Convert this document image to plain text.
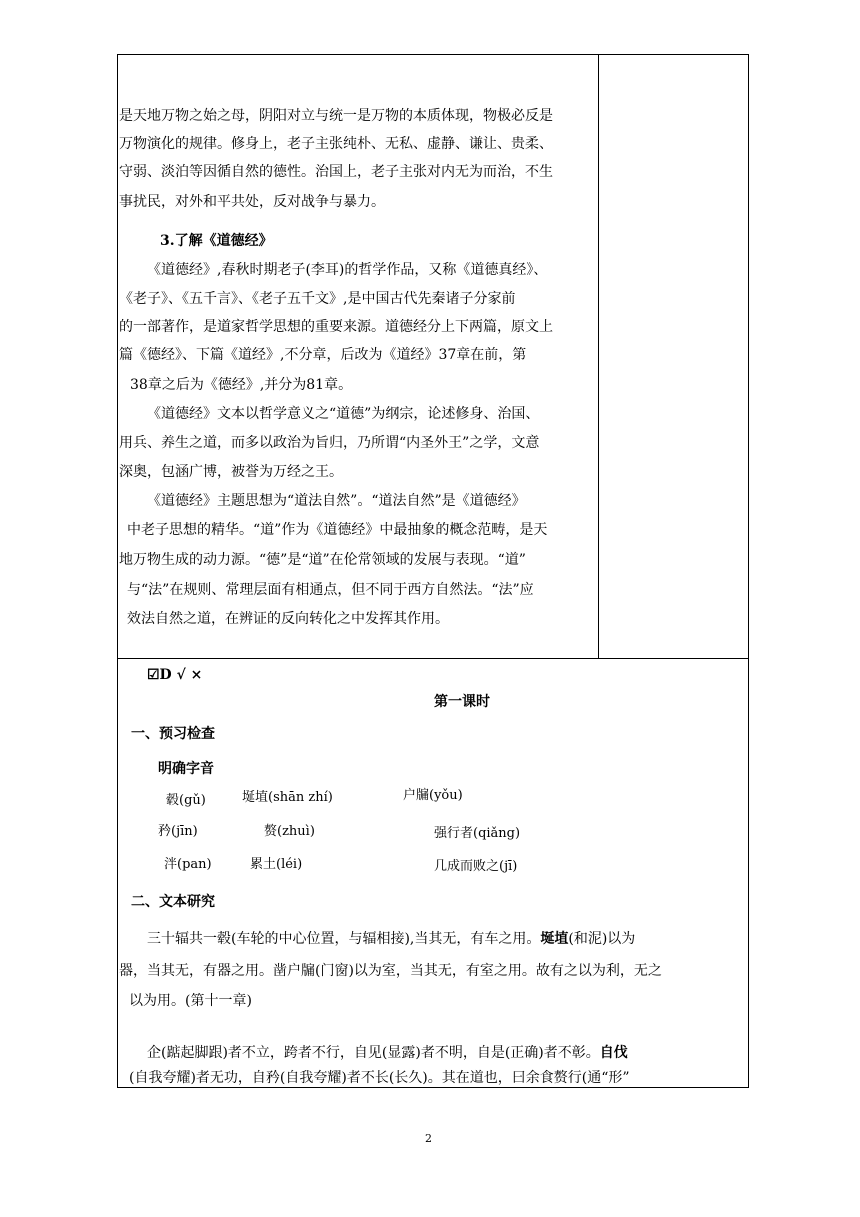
是天地万物之始之母，阴阳对立与统一是万物的本质体现，物极必反是
万物演化的规律。修身上，老子主张纯朴、无私、虚静、谦让、贵柔、
守弱、淡泊等因循自然的德性。治国上，老子主张对内无为而治，不生
事扰民，对外和平共处，反对战争与暴力。
3.了解《道德经》
《道德经》,春秋时期老子(李耳)的哲学作品，又称《道德真经》、
《老子》、《五千言》、《老子五千文》,是中国古代先秦诸子分家前
的一部著作，是道家哲学思想的重要来源。道德经分上下两篇，原文上
篇《德经》、下篇《道经》,不分章，后改为《道经》37章在前，第
38章之后为《德经》,并分为81章。
《道德经》文本以哲学意义之“道德”为纲宗，论述修身、治国、
用兵、养生之道，而多以政治为旨归，乃所谓“内圣外王”之学，文意
深奥，包涵广博，被誉为万经之王。
《道德经》主题思想为“道法自然”。“道法自然”是《道德经》
中老子思想的精华。“道”作为《道德经》中最抽象的概念范畴，是天
地万物生成的动力源。“德”是“道”在伦常领域的发展与表现。“道”
与“法”在规则、常理层面有相通点，但不同于西方自然法。“法”应
效法自然之道，在辨证的反向转化之中发挥其作用。
☑D √ ×
第一课时
一、预习检查
明确字音
毂(gǔ)	埏埴(shān zhí)	户牖(yǒu)
矜(jīn)	赘(zhuì)	强行者(qiǎng)
泮(pan)	累土(léi)	几成而败之(jī)
二、文本研究
三十辐共一毂(车轮的中心位置，与辐相接),当其无，有车之用。埏埴(和泥)以为
器，当其无，有器之用。凿户牖(门窗)以为室，当其无，有室之用。故有之以为利，无之
以为用。(第十一章)
企(踮起脚跟)者不立，跨者不行，自见(显露)者不明，自是(正确)者不彰。自伐
(自我夸耀)者无功，自矜(自我夸耀)者不长(长久)。其在道也，曰余食赘行(通“形”
2
